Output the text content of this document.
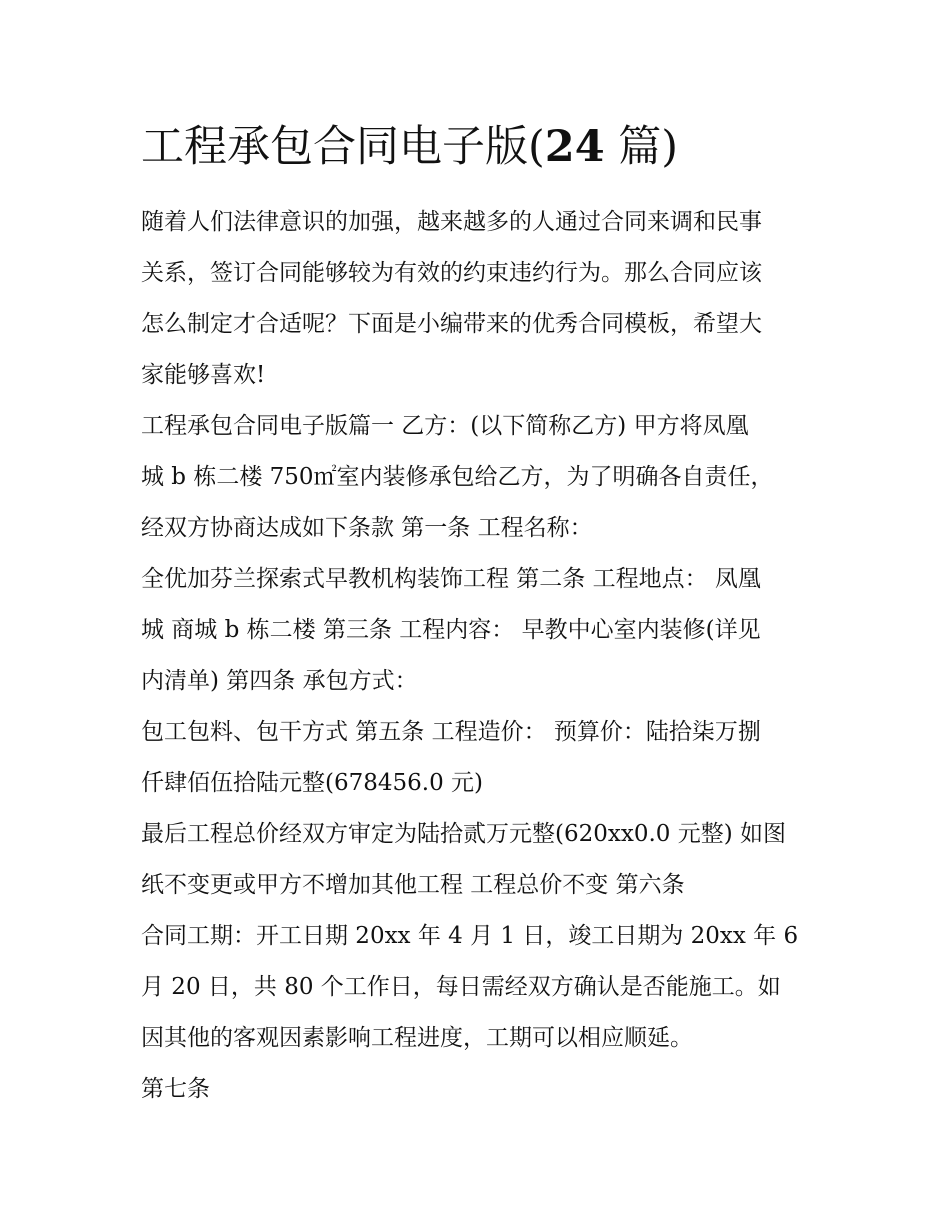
工程承包合同电子版(24 篇)
随着人们法律意识的加强，越来越多的人通过合同来调和民事
关系，签订合同能够较为有效的约束违约行为。那么合同应该
怎么制定才合适呢？下面是小编带来的优秀合同模板，希望大
家能够喜欢!
工程承包合同电子版篇一 乙方：(以下简称乙方) 甲方将凤凰
城 b 栋二楼 750㎡室内装修承包给乙方，为了明确各自责任，
经双方协商达成如下条款 第一条 工程名称：
全优加芬兰探索式早教机构装饰工程 第二条 工程地点： 凤凰
城 商城 b 栋二楼 第三条 工程内容： 早教中心室内装修(详见
内清单) 第四条 承包方式：
包工包料、包干方式 第五条 工程造价： 预算价：陆拾柒万捌
仟肆佰伍拾陆元整(678456.0 元)
最后工程总价经双方审定为陆拾贰万元整(620xx0.0 元整) 如图
纸不变更或甲方不增加其他工程 工程总价不变 第六条
合同工期：开工日期 20xx 年 4 月 1 日，竣工日期为 20xx 年 6
月 20 日，共 80 个工作日，每日需经双方确认是否能施工。如
因其他的客观因素影响工程进度，工期可以相应顺延。
第七条
